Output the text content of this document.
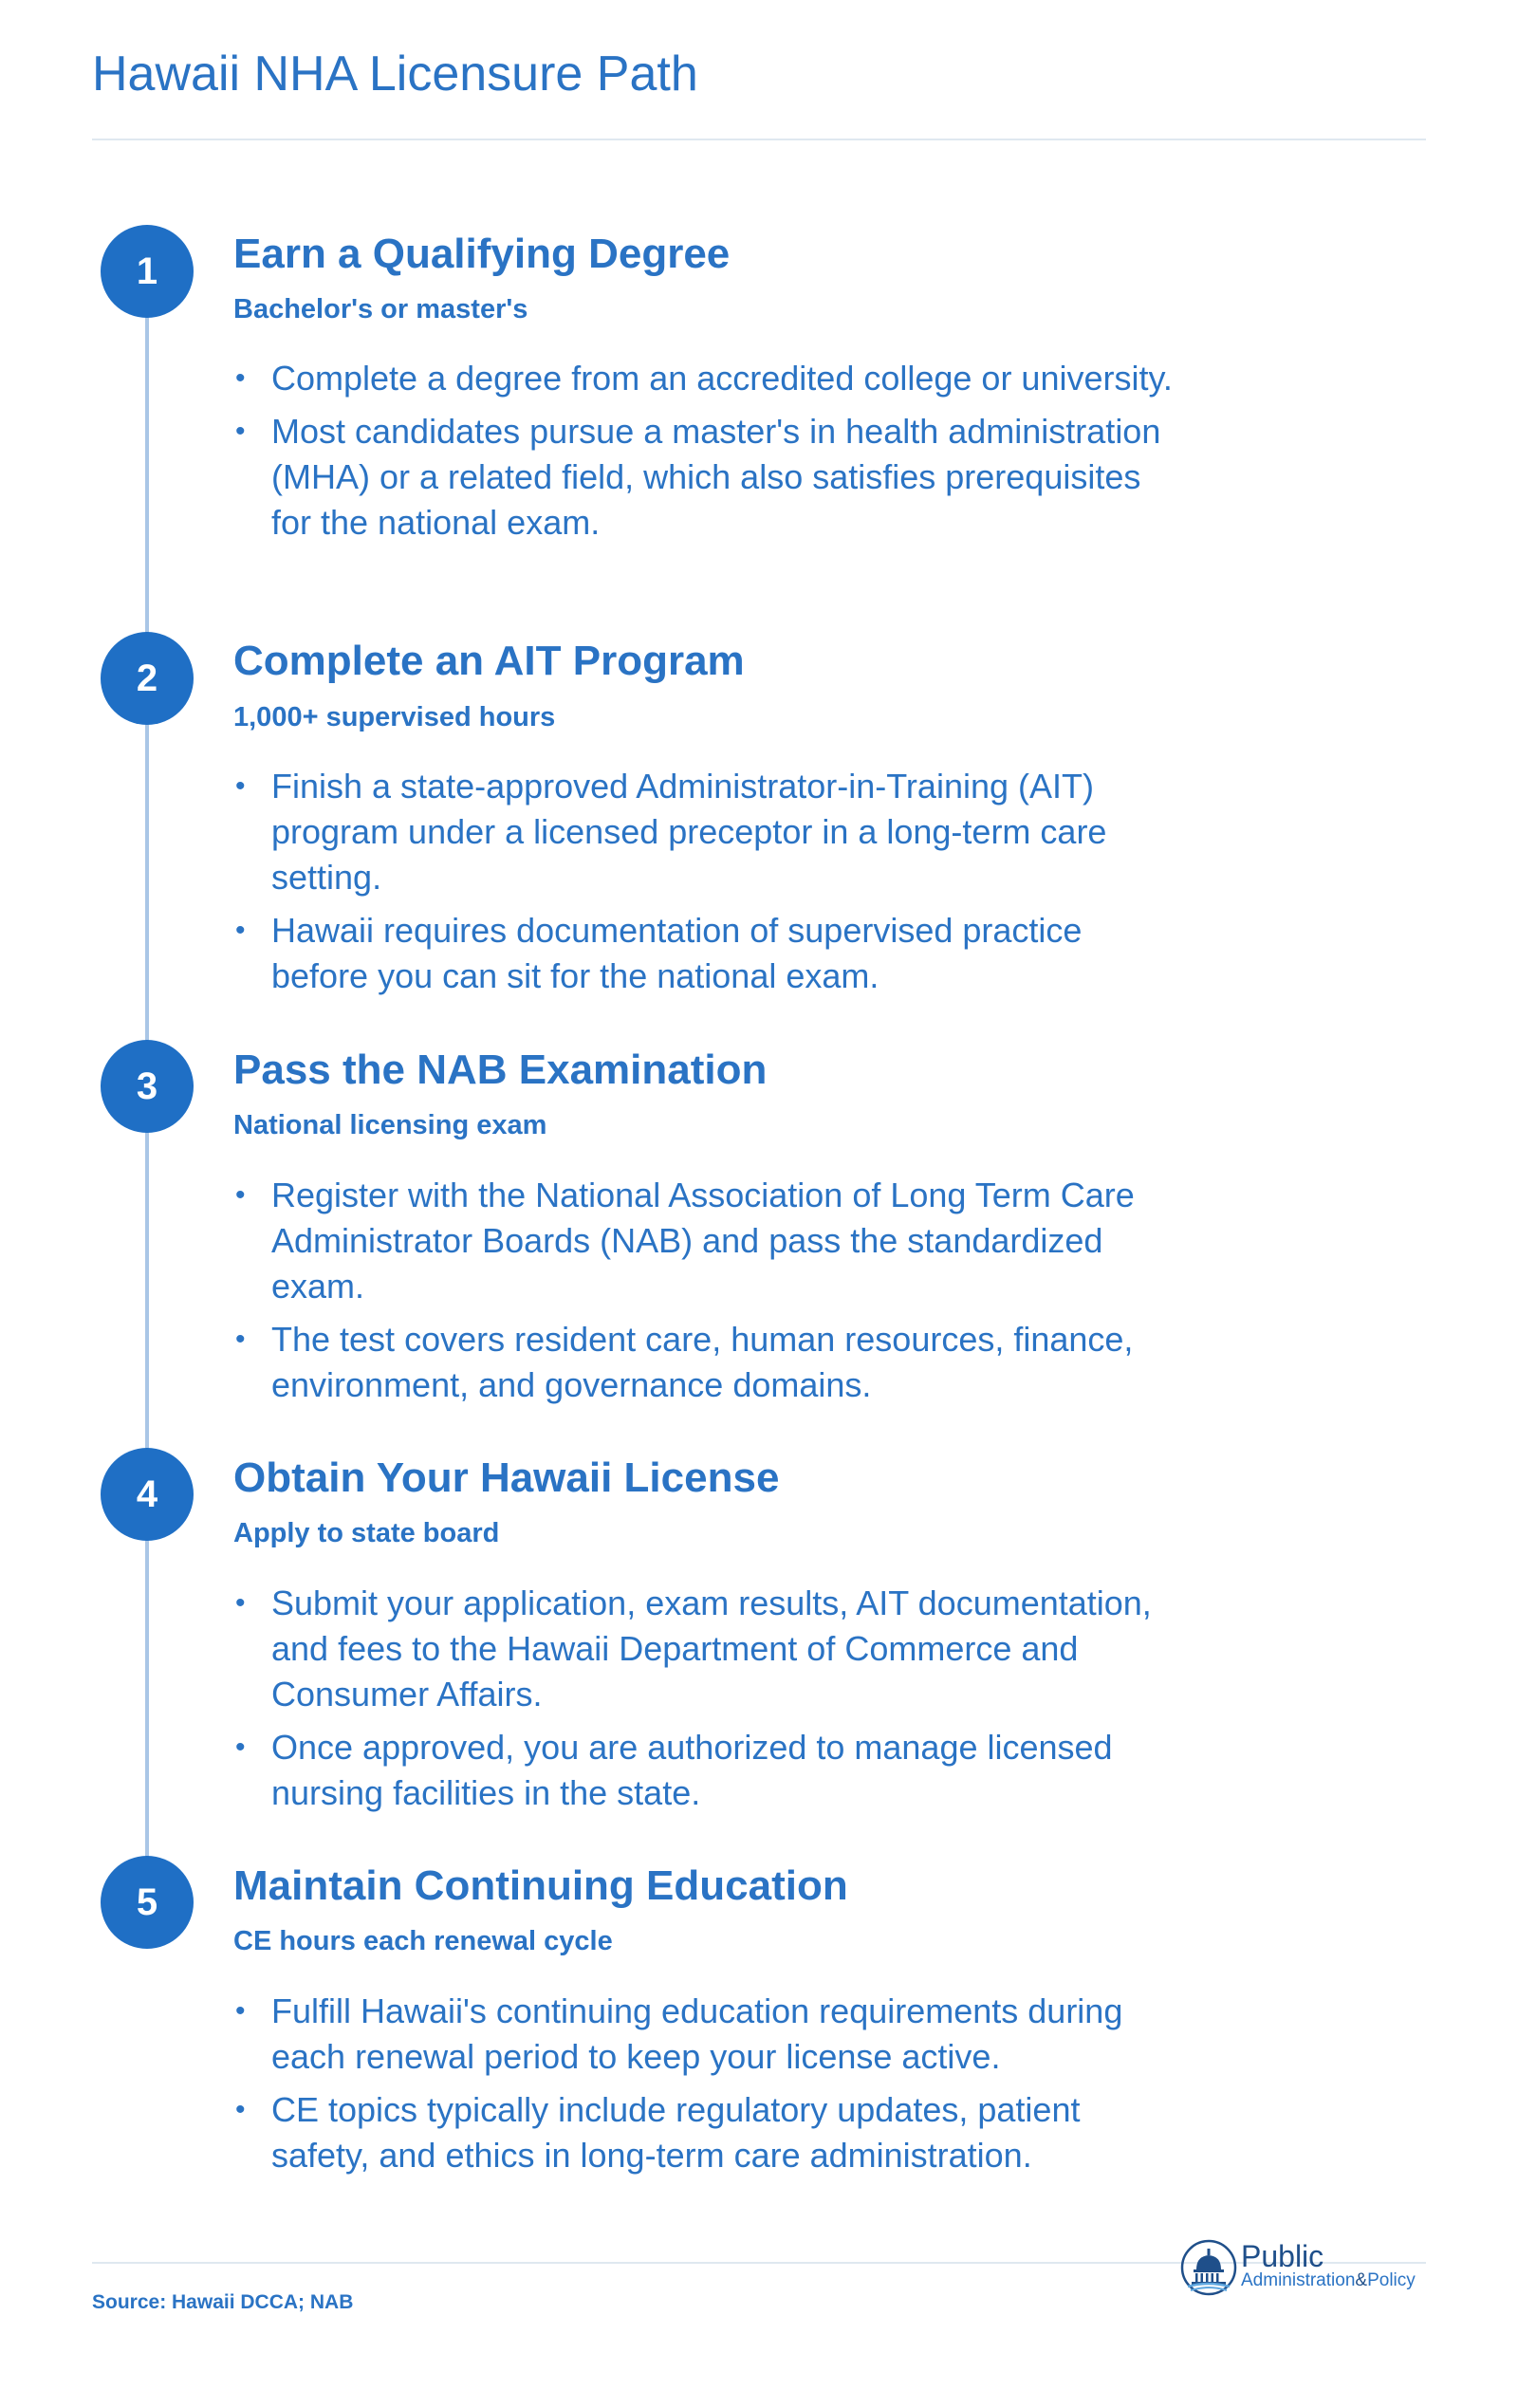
Hawaii NHA Licensure Path
1	Earn a Qualifying Degree

Bachelor's or master's

• Complete a degree from an accredited college or university.
• Most candidates pursue a master's in health administration (MHA) or a related field, which also satisfies prerequisites for the national exam.
2	Complete an AIT Program

1,000+ supervised hours

• Finish a state-approved Administrator-in-Training (AIT) program under a licensed preceptor in a long-term care setting.
• Hawaii requires documentation of supervised practice before you can sit for the national exam.
3	Pass the NAB Examination

National licensing exam

• Register with the National Association of Long Term Care Administrator Boards (NAB) and pass the standardized exam.
• The test covers resident care, human resources, finance, environment, and governance domains.
4	Obtain Your Hawaii License

Apply to state board

• Submit your application, exam results, AIT documentation, and fees to the Hawaii Department of Commerce and Consumer Affairs.
• Once approved, you are authorized to manage licensed nursing facilities in the state.
5	Maintain Continuing Education

CE hours each renewal cycle

• Fulfill Hawaii's continuing education requirements during each renewal period to keep your license active.
• CE topics typically include regulatory updates, patient safety, and ethics in long-term care administration.
Source: Hawaii DCCA; NAB
Public
Administration&Policy
